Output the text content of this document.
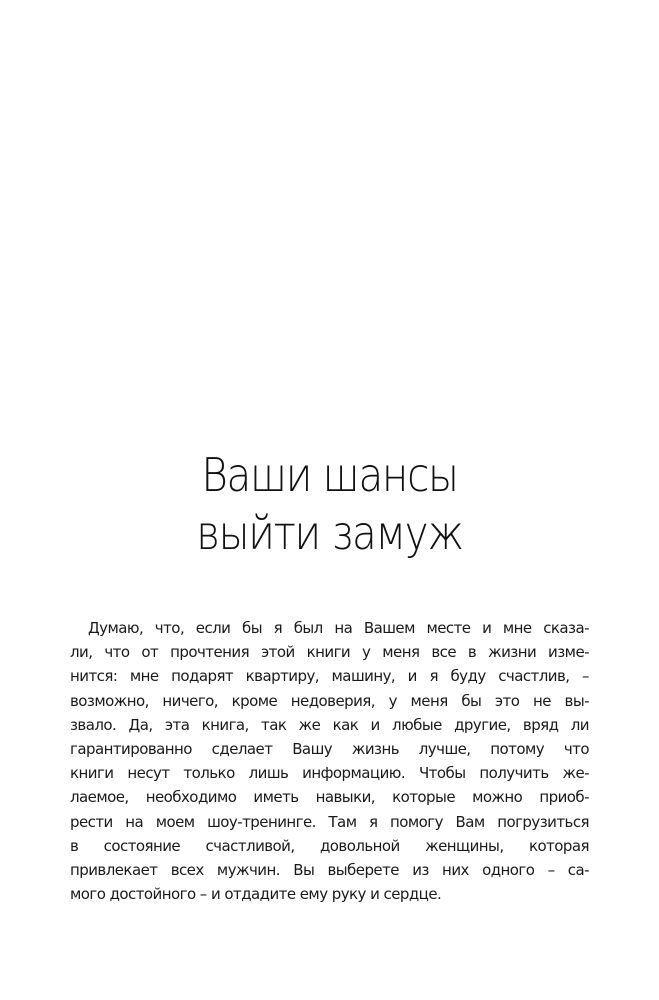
Ваши шансы
выйти замуж

Думаю, что, если бы я был на Вашем месте и мне сказа-
ли, что от прочтения этой книги у меня все в жизни изме-
нится: мне подарят квартиру, машину, и я буду счастлив, –
возможно, ничего, кроме недоверия, у меня бы это не вы-
звало. Да, эта книга, так же как и любые другие, вряд ли
гарантированно сделает Вашу жизнь лучше, потому что
книги несут только лишь информацию. Чтобы получить же-
лаемое, необходимо иметь навыки, которые можно приоб-
рести на моем шоу-тренинге. Там я помогу Вам погрузиться
в состояние счастливой, довольной женщины, которая
привлекает всех мужчин. Вы выберете из них одного – са-
мого достойного – и отдадите ему руку и сердце.
